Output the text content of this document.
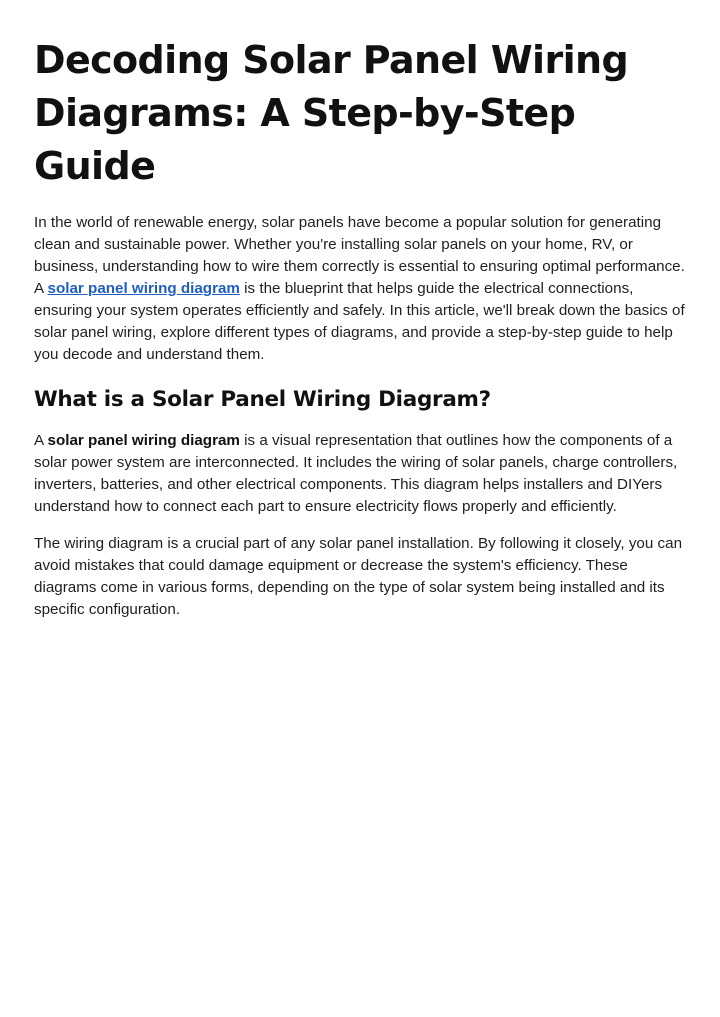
Decoding Solar Panel Wiring Diagrams: A Step-by-Step Guide

In the world of renewable energy, solar panels have become a popular solution for generating clean and sustainable power. Whether you're installing solar panels on your home, RV, or business, understanding how to wire them correctly is essential to ensuring optimal performance. A solar panel wiring diagram is the blueprint that helps guide the electrical connections, ensuring your system operates efficiently and safely. In this article, we'll break down the basics of solar panel wiring, explore different types of diagrams, and provide a step-by-step guide to help you decode and understand them.

What is a Solar Panel Wiring Diagram?

A solar panel wiring diagram is a visual representation that outlines how the components of a solar power system are interconnected. It includes the wiring of solar panels, charge controllers, inverters, batteries, and other electrical components. This diagram helps installers and DIYers understand how to connect each part to ensure electricity flows properly and efficiently.

The wiring diagram is a crucial part of any solar panel installation. By following it closely, you can avoid mistakes that could damage equipment or decrease the system's efficiency. These diagrams come in various forms, depending on the type of solar system being installed and its specific configuration.
